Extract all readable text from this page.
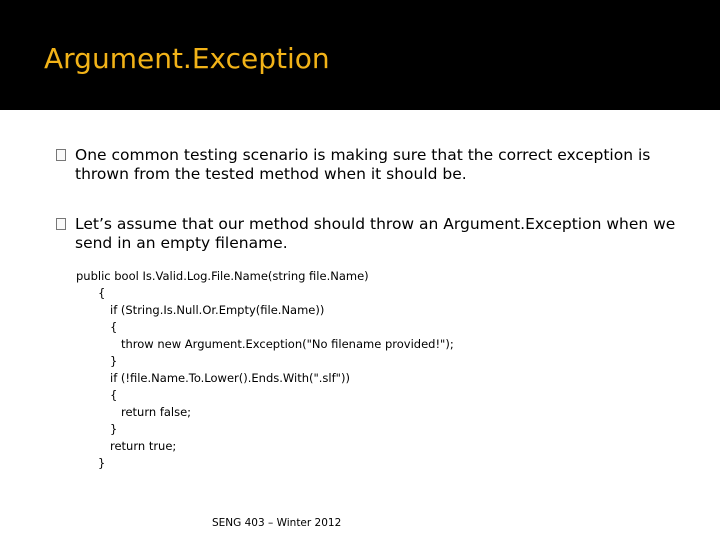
Argument.Exception
One common testing scenario is making sure that the correct exception is thrown from the tested method when it should be.
Let’s assume that our method should throw an Argument.Exception when we send in an empty filename.
public bool Is.Valid.Log.File.Name(string file.Name)
{
if (String.Is.Null.Or.Empty(file.Name))
{
throw new Argument.Exception("No filename provided!");
}
if (!file.Name.To.Lower().Ends.With(".slf"))
{
return false;
}
return true;
}
SENG 403 – Winter 2012
